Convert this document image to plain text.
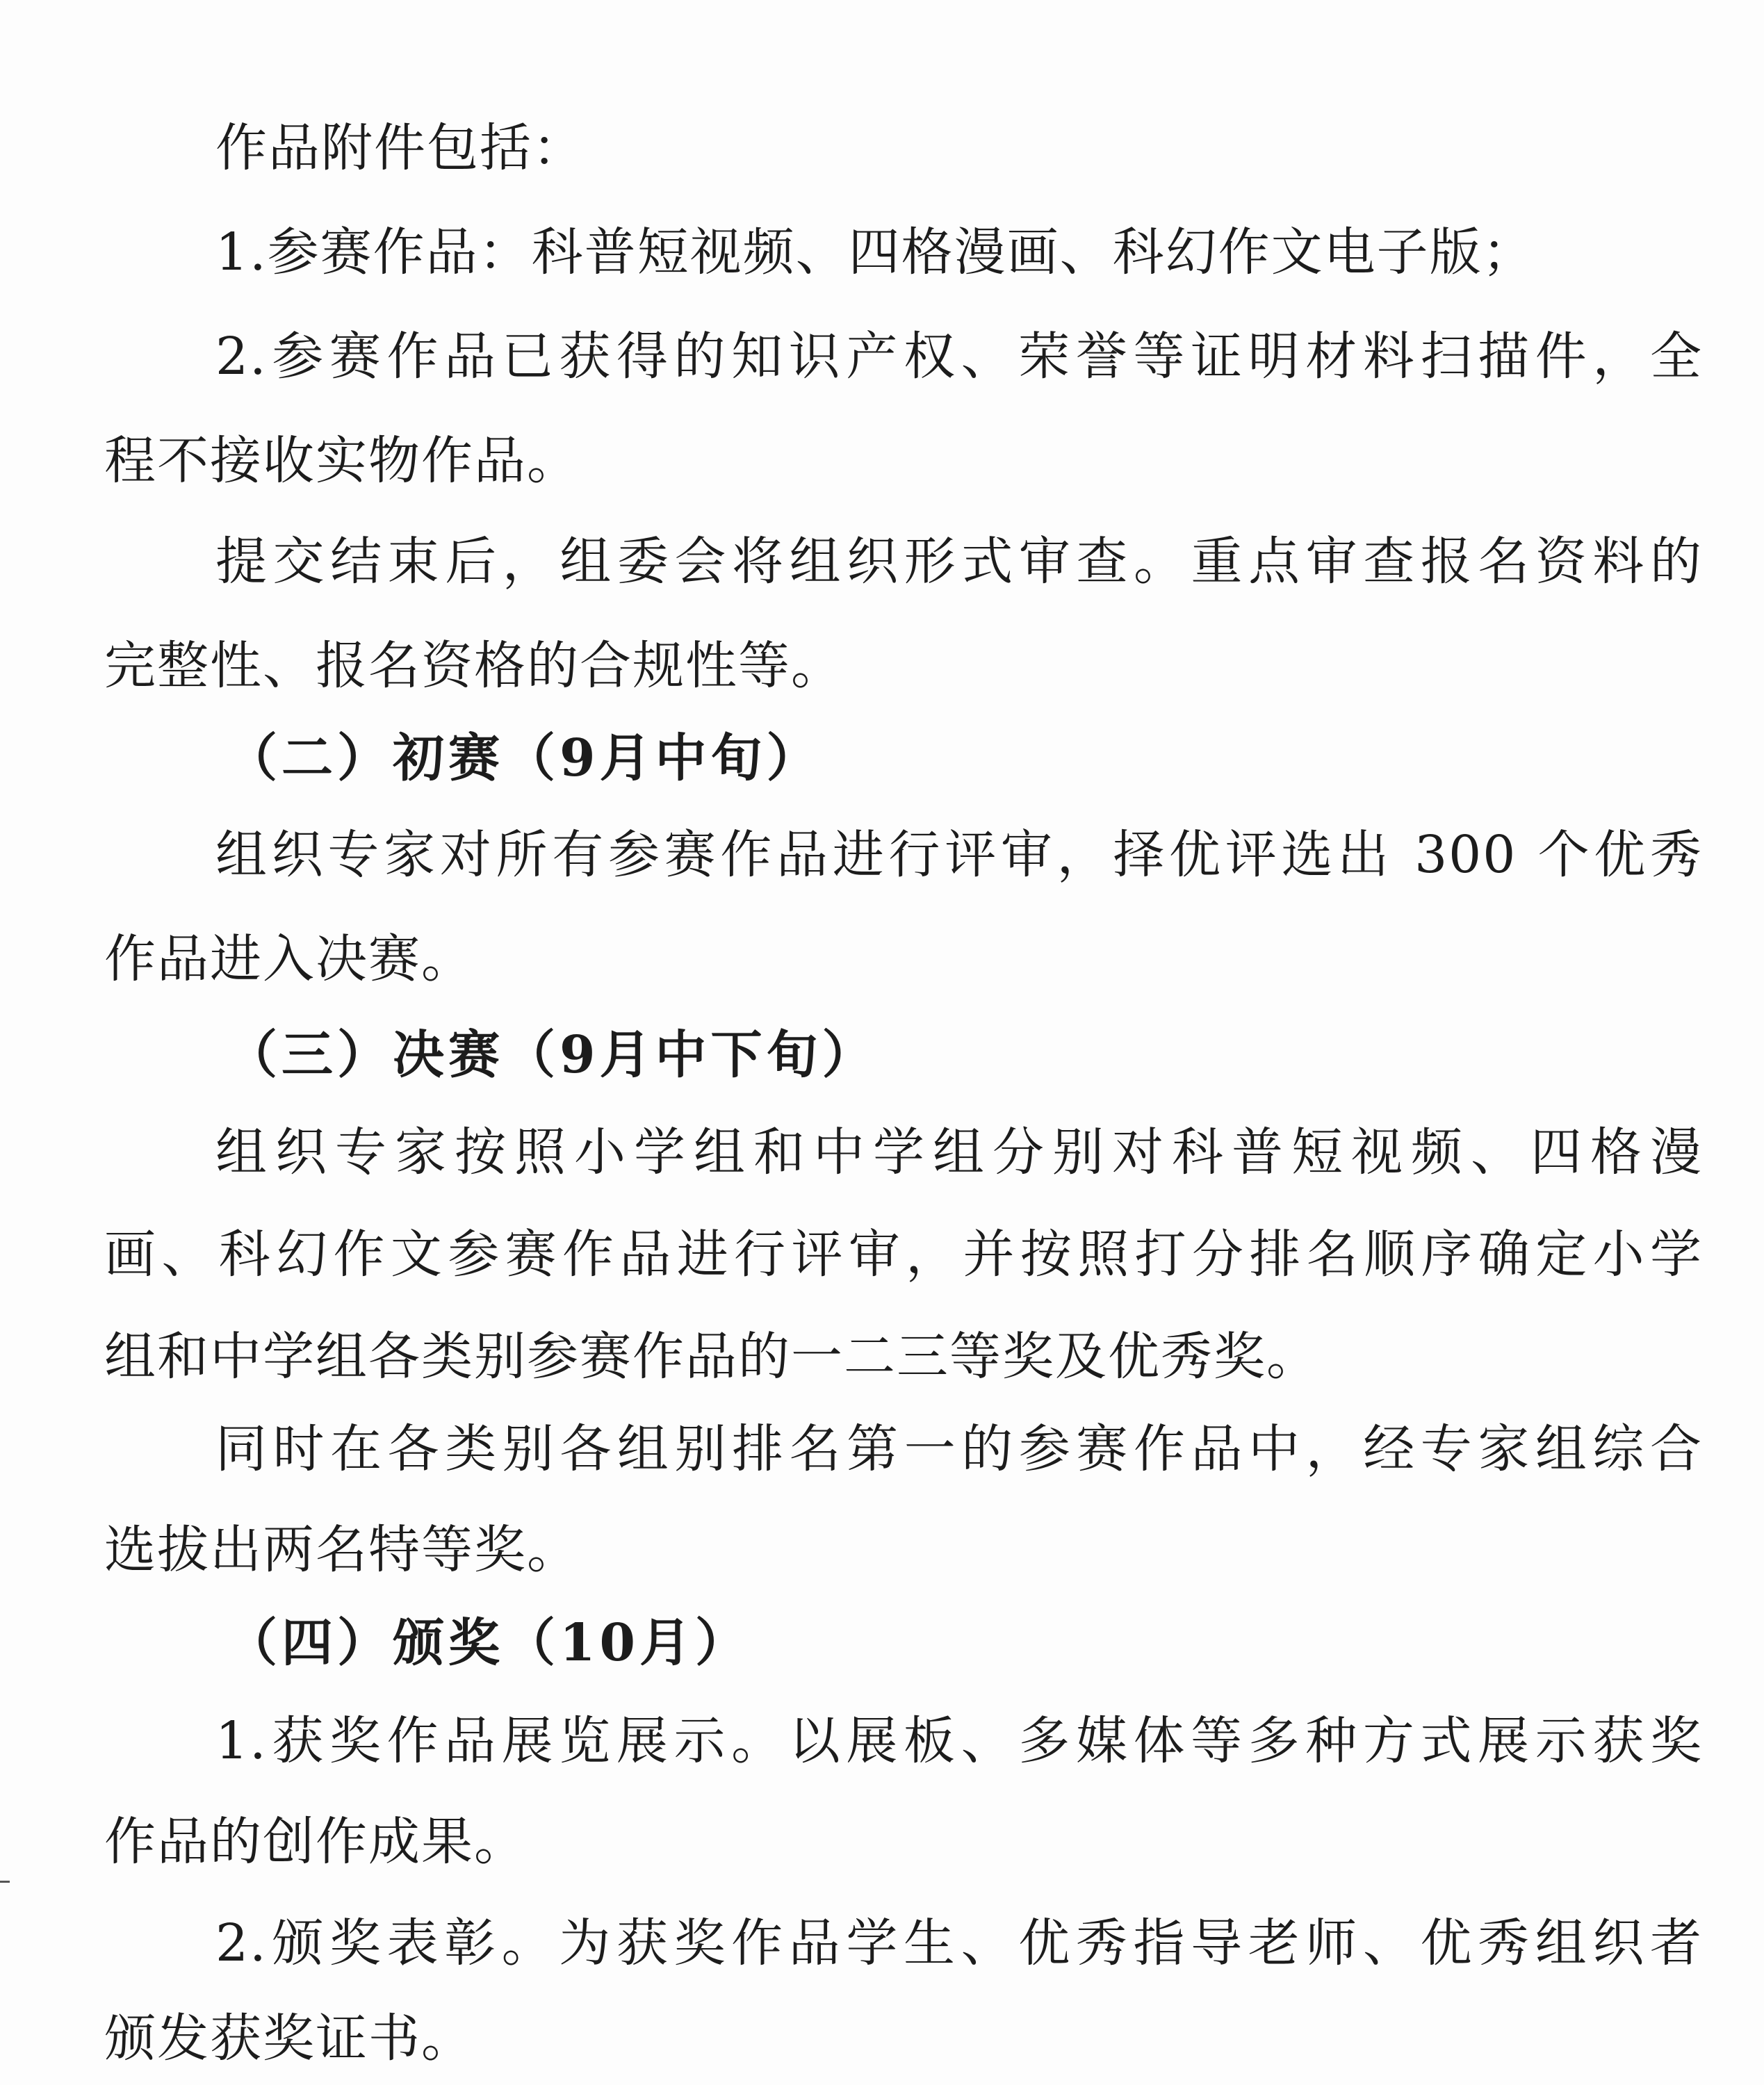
作品附件包括：
1.参赛作品：科普短视频、四格漫画、科幻作文电子版；
2.参赛作品已获得的知识产权、荣誉等证明材料扫描件，全
程不接收实物作品。
提交结束后，组委会将组织形式审查。重点审查报名资料的
完整性、报名资格的合规性等。
（二）初赛（9月中旬）
组织专家对所有参赛作品进行评审，择优评选出 300 个优秀
作品进入决赛。
（三）决赛（9月中下旬）
组织专家按照小学组和中学组分别对科普短视频、四格漫
画、科幻作文参赛作品进行评审，并按照打分排名顺序确定小学
组和中学组各类别参赛作品的一二三等奖及优秀奖。
同时在各类别各组别排名第一的参赛作品中，经专家组综合
选拔出两名特等奖。
（四）颁奖（10月）
1.获奖作品展览展示。以展板、多媒体等多种方式展示获奖
作品的创作成果。
2.颁奖表彰。为获奖作品学生、优秀指导老师、优秀组织者
颁发获奖证书。
